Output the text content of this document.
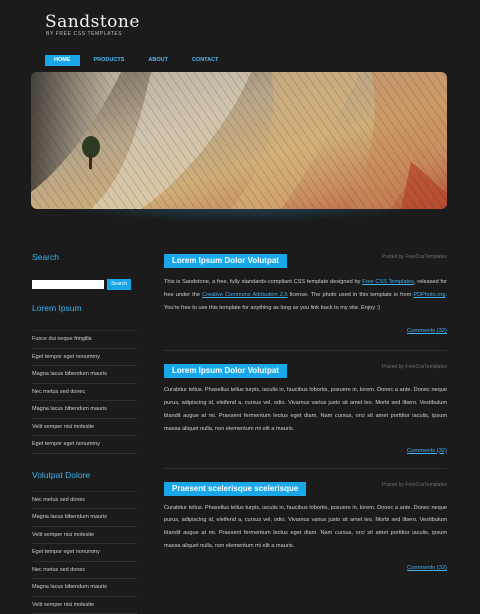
Sandstone
BY FREE CSS TEMPLATES
HOME	PRODUCTS	ABOUT	CONTACT
Search
Search
Lorem Ipsum
Fusce dui neque fringilla
Eget tempor eget nonummy
Magna lacus bibendum mauris
Nec metus sed donec
Magna lacus bibendum mauris
Velit semper nisi molestie
Eget tempor eget nonummy
Volutpat Dolore
Nec metus sed donec
Magna lacus bibendum mauris
Velit semper nisi molestie
Eget tempor eget nonummy
Nec metus sed donec
Magna lacus bibendum mauris
Velit semper nisi molestie
Lorem Ipsum Dolor Volutpat	Posted by FreeCssTemplates
This is Sandstone, a free, fully standards-compliant CSS template designed by Free CSS Templates, released for free under the Creative Commons Attribution 2.5 license. The photo used in this template is from PDPhoto.org. You're free to use this template for anything as long as you link back to my site. Enjoy :)
Comments (32)
Lorem Ipsum Dolor Volutpat	Posted by FreeCssTemplates
Curabitur tellus. Phasellus tellus turpis, iaculis in, faucibus lobortis, posuere in, lorem. Donec a ante. Donec neque purus, adipiscing id, eleifend a, cursus vel, odio. Vivamus varius justo sit amet leo. Morbi sed libero. Vestibulum blandit augue at mi. Praesent fermentum lectus eget diam. Nam cursus, orci sit amet porttitor iaculis, ipsum massa aliquet nulla, non elementum mi elit a mauris.
Comments (32)
Praesent scelerisque scelerisque	Posted by FreeCssTemplates
Curabitur tellus. Phasellus tellus turpis, iaculis in, faucibus lobortis, posuere in, lorem. Donec a ante. Donec neque purus, adipiscing id, eleifend a, cursus vel, odio. Vivamus varius justo sit amet leo. Morbi sed libero. Vestibulum blandit augue at mi. Praesent fermentum lectus eget diam. Nam cursus, orci sit amet porttitor iaculis, ipsum massa aliquet nulla, non elementum mi elit a mauris.
Comments (32)
